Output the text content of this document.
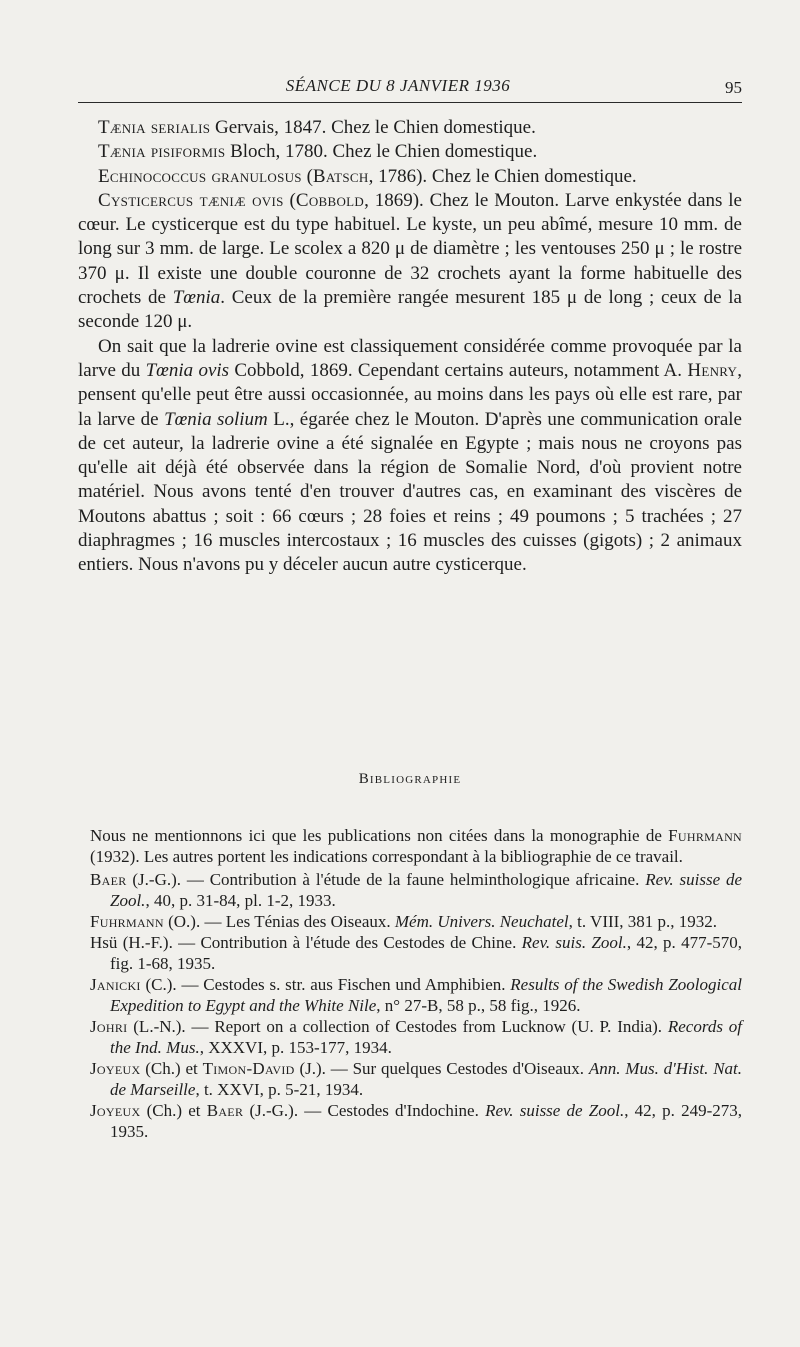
SÉANCE DU 8 JANVIER 1936	95

Tænia serialis Gervais, 1847. Chez le Chien domestique.

Tænia pisiformis Bloch, 1780. Chez le Chien domestique.

Echinococcus granulosus (Batsch, 1786). Chez le Chien domestique.

Cysticercus tæniæ ovis (Cobbold, 1869). Chez le Mouton. Larve enkystée dans le cœur. Le cysticerque est du type habituel. Le kyste, un peu abîmé, mesure 10 mm. de long sur 3 mm. de large. Le scolex a 820 μ de diamètre ; les ventouses 250 μ ; le rostre 370 μ. Il existe une double couronne de 32 crochets ayant la forme habituelle des crochets de Tœnia. Ceux de la première rangée mesurent 185 μ de long ; ceux de la seconde 120 μ.

On sait que la ladrerie ovine est classiquement considérée comme provoquée par la larve du Tœnia ovis Cobbold, 1869. Cependant certains auteurs, notamment A. Henry, pensent qu'elle peut être aussi occasionnée, au moins dans les pays où elle est rare, par la larve de Tœnia solium L., égarée chez le Mouton. D'après une communication orale de cet auteur, la ladrerie ovine a été signalée en Egypte ; mais nous ne croyons pas qu'elle ait déjà été observée dans la région de Somalie Nord, d'où provient notre matériel. Nous avons tenté d'en trouver d'autres cas, en examinant des viscères de Moutons abattus ; soit : 66 cœurs ; 28 foies et reins ; 49 poumons ; 5 trachées ; 27 diaphragmes ; 16 muscles intercostaux ; 16 muscles des cuisses (gigots) ; 2 animaux entiers. Nous n'avons pu y déceler aucun autre cysticerque.

Bibliographie

Nous ne mentionnons ici que les publications non citées dans la monographie de Fuhrmann (1932). Les autres portent les indications correspondant à la bibliographie de ce travail.

Baer (J.-G.). — Contribution à l'étude de la faune helminthologique africaine. Rev. suisse de Zool., 40, p. 31-84, pl. 1-2, 1933.

Fuhrmann (O.). — Les Ténias des Oiseaux. Mém. Univers. Neuchatel, t. VIII, 381 p., 1932.

Hsü (H.-F.). — Contribution à l'étude des Cestodes de Chine. Rev. suis. Zool., 42, p. 477-570, fig. 1-68, 1935.

Janicki (C.). — Cestodes s. str. aus Fischen und Amphibien. Results of the Swedish Zoological Expedition to Egypt and the White Nile, n° 27-B, 58 p., 58 fig., 1926.

Johri (L.-N.). — Report on a collection of Cestodes from Lucknow (U. P. India). Records of the Ind. Mus., XXXVI, p. 153-177, 1934.

Joyeux (Ch.) et Timon-David (J.). — Sur quelques Cestodes d'Oiseaux. Ann. Mus. d'Hist. Nat. de Marseille, t. XXVI, p. 5-21, 1934.

Joyeux (Ch.) et Baer (J.-G.). — Cestodes d'Indochine. Rev. suisse de Zool., 42, p. 249-273, 1935.
